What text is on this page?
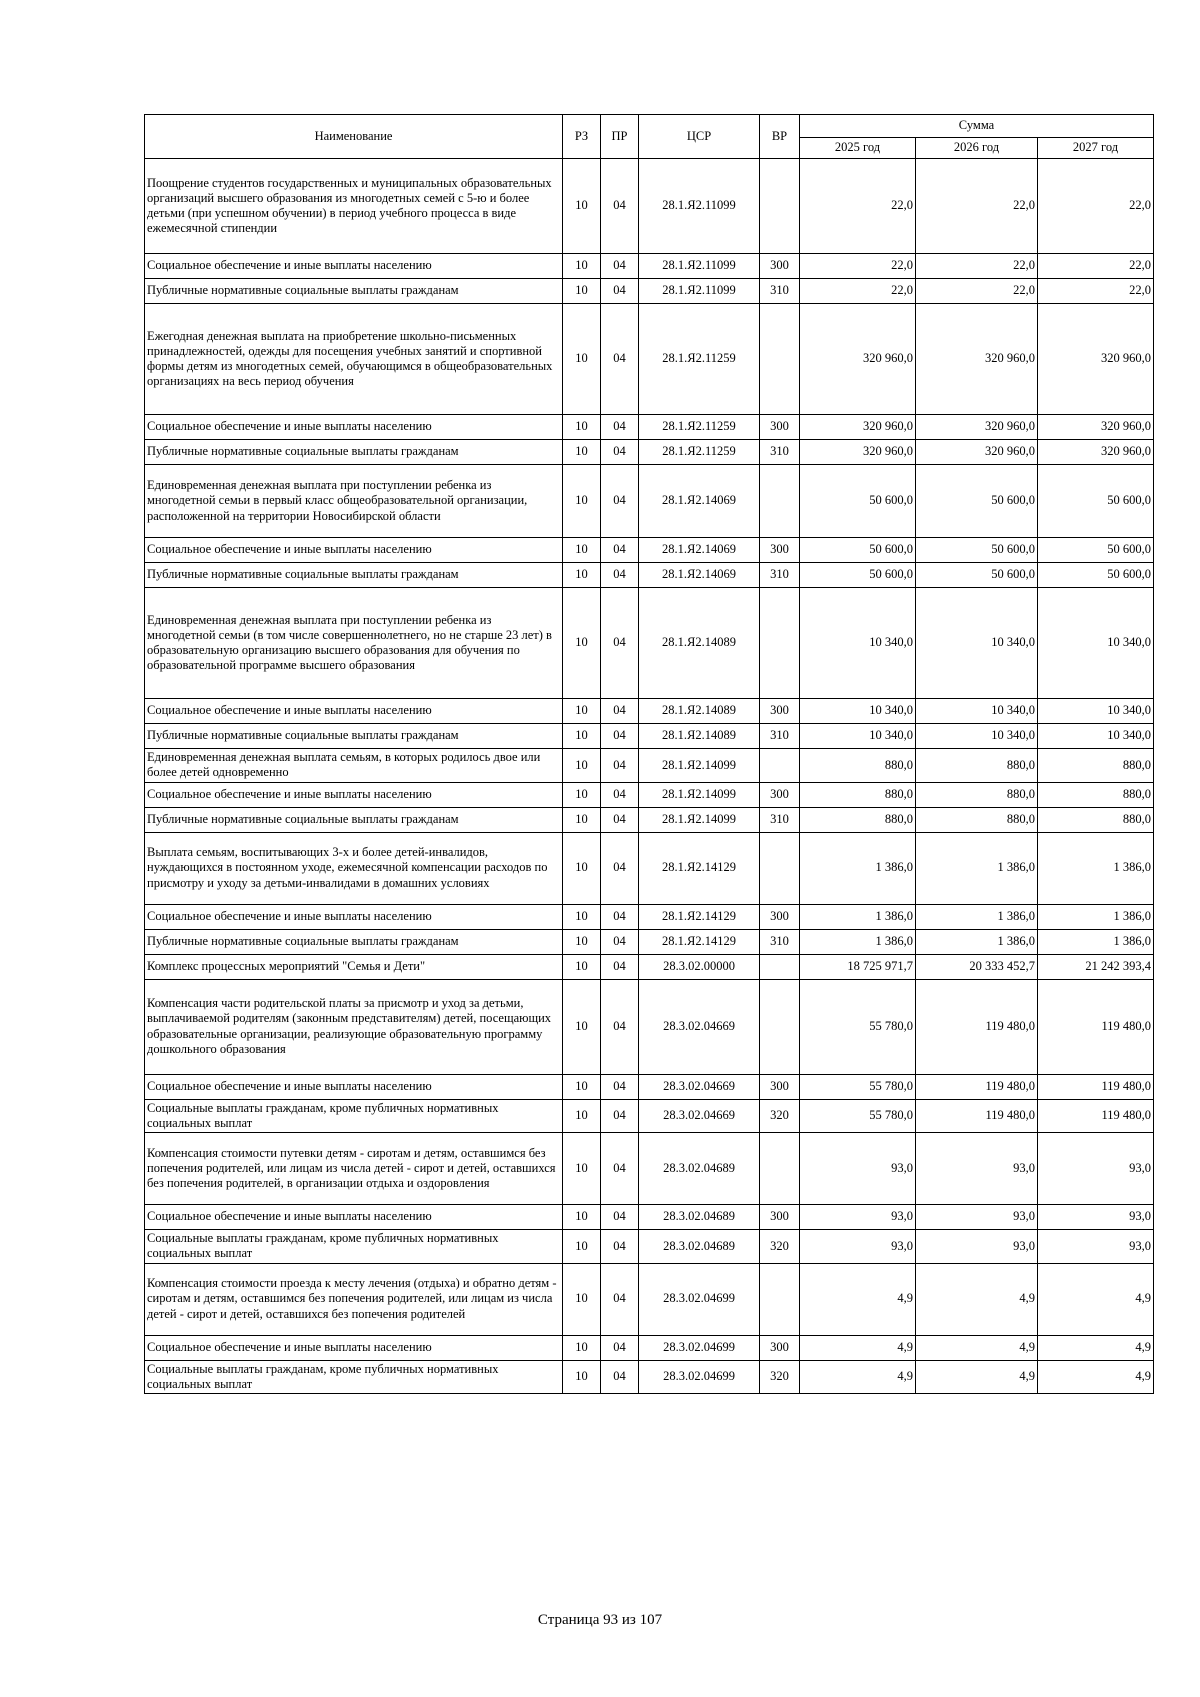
Наименование	РЗ	ПР	ЦСР	ВР	Сумма		
					2025 год	2026 год	2027 год
Поощрение студентов государственных и муниципальных образовательных организаций высшего образования из многодетных семей с 5-ю и более детьми (при успешном обучении) в период учебного процесса в виде ежемесячной стипендии	10	04	28.1.Я2.11099		22,0	22,0	22,0
Социальное обеспечение и иные выплаты населению	10	04	28.1.Я2.11099	300	22,0	22,0	22,0
Публичные нормативные социальные выплаты гражданам	10	04	28.1.Я2.11099	310	22,0	22,0	22,0
Ежегодная денежная выплата на приобретение школьно-письменных принадлежностей, одежды для посещения учебных занятий и спортивной формы детям из многодетных семей, обучающимся в общеобразовательных организациях на весь период обучения	10	04	28.1.Я2.11259		320 960,0	320 960,0	320 960,0
Социальное обеспечение и иные выплаты населению	10	04	28.1.Я2.11259	300	320 960,0	320 960,0	320 960,0
Публичные нормативные социальные выплаты гражданам	10	04	28.1.Я2.11259	310	320 960,0	320 960,0	320 960,0
Единовременная денежная выплата при поступлении ребенка из многодетной семьи в первый класс общеобразовательной организации, расположенной на территории Новосибирской области	10	04	28.1.Я2.14069		50 600,0	50 600,0	50 600,0
Социальное обеспечение и иные выплаты населению	10	04	28.1.Я2.14069	300	50 600,0	50 600,0	50 600,0
Публичные нормативные социальные выплаты гражданам	10	04	28.1.Я2.14069	310	50 600,0	50 600,0	50 600,0
Единовременная денежная выплата при поступлении ребенка из многодетной семьи (в том числе совершеннолетнего, но не старше 23 лет) в образовательную организацию высшего образования для обучения по образовательной программе высшего образования	10	04	28.1.Я2.14089		10 340,0	10 340,0	10 340,0
Социальное обеспечение и иные выплаты населению	10	04	28.1.Я2.14089	300	10 340,0	10 340,0	10 340,0
Публичные нормативные социальные выплаты гражданам	10	04	28.1.Я2.14089	310	10 340,0	10 340,0	10 340,0
Единовременная денежная выплата семьям, в которых родилось двое или более детей одновременно	10	04	28.1.Я2.14099		880,0	880,0	880,0
Социальное обеспечение и иные выплаты населению	10	04	28.1.Я2.14099	300	880,0	880,0	880,0
Публичные нормативные социальные выплаты гражданам	10	04	28.1.Я2.14099	310	880,0	880,0	880,0
Выплата семьям, воспитывающих 3-х и более детей-инвалидов, нуждающихся в постоянном уходе, ежемесячной компенсации расходов по присмотру и уходу за детьми-инвалидами в домашних условиях	10	04	28.1.Я2.14129		1 386,0	1 386,0	1 386,0
Социальное обеспечение и иные выплаты населению	10	04	28.1.Я2.14129	300	1 386,0	1 386,0	1 386,0
Публичные нормативные социальные выплаты гражданам	10	04	28.1.Я2.14129	310	1 386,0	1 386,0	1 386,0
Комплекс процессных мероприятий "Семья и Дети"	10	04	28.3.02.00000		18 725 971,7	20 333 452,7	21 242 393,4
Компенсация части родительской платы за присмотр и уход за детьми, выплачиваемой родителям (законным представителям) детей, посещающих образовательные организации, реализующие образовательную программу дошкольного образования	10	04	28.3.02.04669		55 780,0	119 480,0	119 480,0
Социальное обеспечение и иные выплаты населению	10	04	28.3.02.04669	300	55 780,0	119 480,0	119 480,0
Социальные выплаты гражданам, кроме публичных нормативных социальных выплат	10	04	28.3.02.04669	320	55 780,0	119 480,0	119 480,0
Компенсация стоимости путевки детям - сиротам и детям, оставшимся без попечения родителей, или лицам из числа детей - сирот и детей, оставшихся без попечения родителей, в организации отдыха и оздоровления	10	04	28.3.02.04689		93,0	93,0	93,0
Социальное обеспечение и иные выплаты населению	10	04	28.3.02.04689	300	93,0	93,0	93,0
Социальные выплаты гражданам, кроме публичных нормативных социальных выплат	10	04	28.3.02.04689	320	93,0	93,0	93,0
Компенсация стоимости проезда к месту лечения (отдыха) и обратно детям - сиротам и детям, оставшимся без попечения родителей, или лицам из числа детей - сирот и детей, оставшихся без попечения родителей	10	04	28.3.02.04699		4,9	4,9	4,9
Социальное обеспечение и иные выплаты населению	10	04	28.3.02.04699	300	4,9	4,9	4,9
Социальные выплаты гражданам, кроме публичных нормативных социальных выплат	10	04	28.3.02.04699	320	4,9	4,9	4,9
Страница 93 из 107
